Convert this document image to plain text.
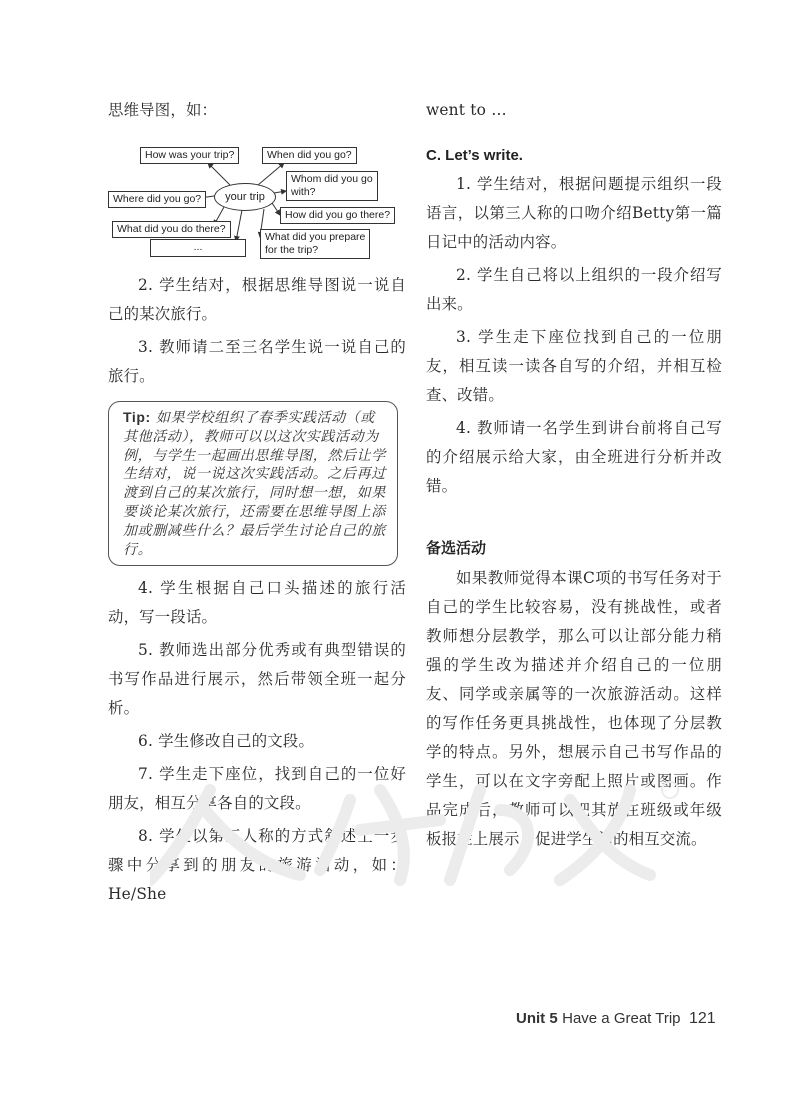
思维导图，如：

How was your trip?	When did you go?
Where did you go?
Whom did you go
with?
How did you go there?
What did you do there?
What did you prepare
for the trip?
...
your trip

2. 学生结对，根据思维导图说一说自己的某次旅行。

3. 教师请二至三名学生说一说自己的旅行。

Tip: 如果学校组织了春季实践活动（或其他活动），教师可以以这次实践活动为例，与学生一起画出思维导图，然后让学生结对，说一说这次实践活动。之后再过渡到自己的某次旅行，同时想一想，如果要谈论某次旅行，还需要在思维导图上添加或删减些什么？最后学生讨论自己的旅行。

4. 学生根据自己口头描述的旅行活动，写一段话。

5. 教师选出部分优秀或有典型错误的书写作品进行展示，然后带领全班一起分析。

6. 学生修改自己的文段。

7. 学生走下座位，找到自己的一位好朋友，相互分享各自的文段。

8. 学生以第三人称的方式叙述上一步骤中分享到的朋友的旅游活动，如：He/She

went to …

C. Let’s write.

1. 学生结对，根据问题提示组织一段语言，以第三人称的口吻介绍Betty第一篇日记中的活动内容。

2. 学生自己将以上组织的一段介绍写出来。

3. 学生走下座位找到自己的一位朋友，相互读一读各自写的介绍，并相互检查、改错。

4. 教师请一名学生到讲台前将自己写的介绍展示给大家，由全班进行分析并改错。

备选活动

如果教师觉得本课C项的书写任务对于自己的学生比较容易，没有挑战性，或者教师想分层教学，那么可以让部分能力稍强的学生改为描述并介绍自己的一位朋友、同学或亲属等的一次旅游活动。这样的写作任务更具挑战性，也体现了分层教学的特点。另外，想展示自己书写作品的学生，可以在文字旁配上照片或图画。作品完成后，教师可以把其放在班级或年级板报栏上展示，促进学生间的相互交流。

Unit 5 Have a Great Trip 121
